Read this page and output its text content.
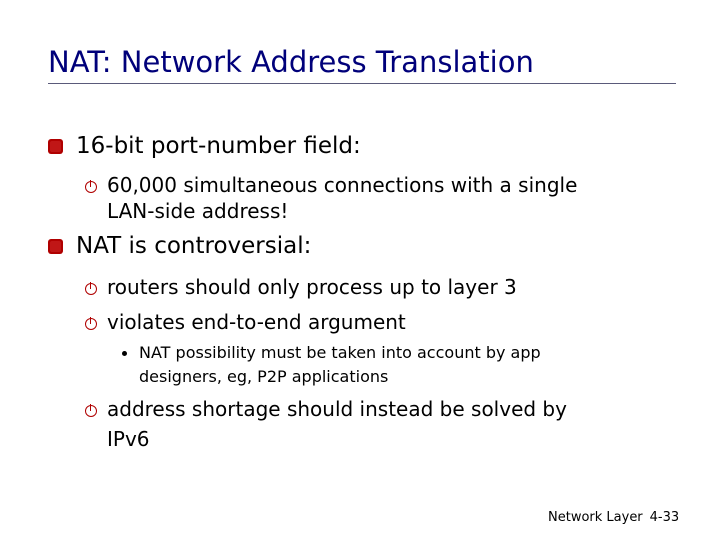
NAT: Network Address Translation
16-bit port-number field:
60,000 simultaneous connections with a single
LAN-side address!
NAT is controversial:
routers should only process up to layer 3
violates end-to-end argument
NAT possibility must be taken into account by app
designers, eg, P2P applications
address shortage should instead be solved by
IPv6
Network Layer 4-33
